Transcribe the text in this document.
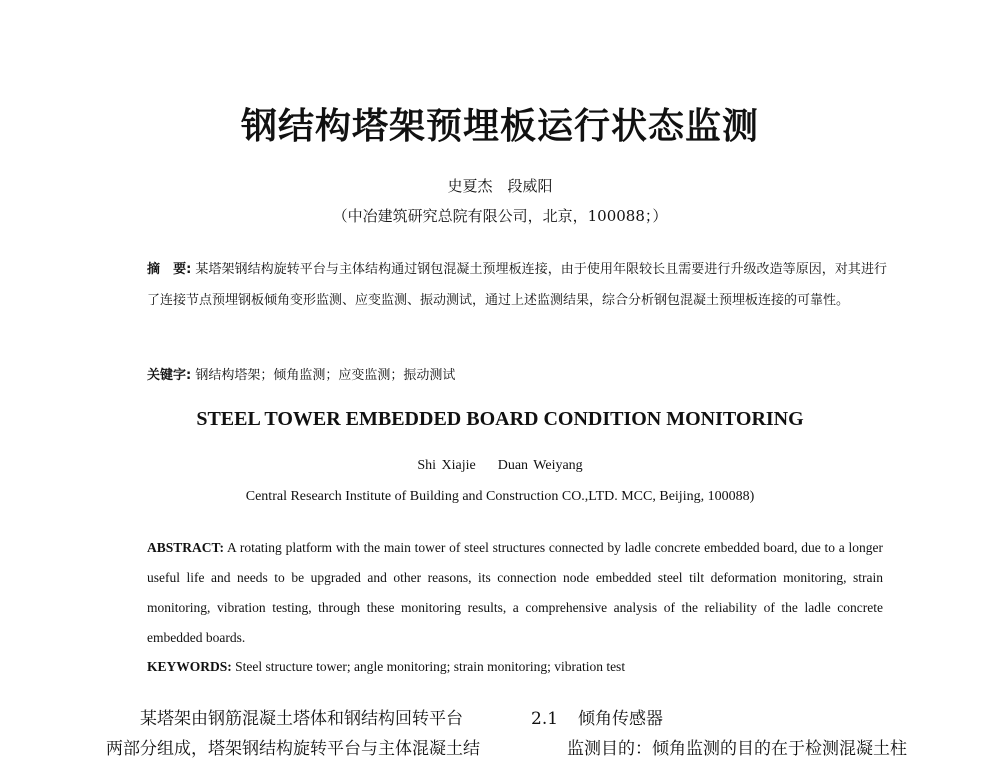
钢结构塔架预埋板运行状态监测

史夏杰　段威阳

（中冶建筑研究总院有限公司，北京，100088；）

摘　要: 某塔架钢结构旋转平台与主体结构通过钢包混凝土预埋板连接，由于使用年限较长且需要进行升级改造等原因，对其进行了连接节点预埋钢板倾角变形监测、应变监测、振动测试，通过上述监测结果，综合分析钢包混凝土预埋板连接的可靠性。

关键字: 钢结构塔架；倾角监测；应变监测；振动测试

STEEL TOWER EMBEDDED BOARD CONDITION MONITORING

Shi Xiajie Duan Weiyang

Central Research Institute of Building and Construction CO.,LTD. MCC, Beijing, 100088)

ABSTRACT: A rotating platform with the main tower of steel structures connected by ladle concrete embedded board, due to a longer useful life and needs to be upgraded and other reasons, its connection node embedded steel tilt deformation monitoring, strain monitoring, vibration testing, through these monitoring results, a comprehensive analysis of the reliability of the ladle concrete embedded boards.

KEYWORDS: Steel structure tower; angle monitoring; strain monitoring; vibration test

某塔架由钢筋混凝土塔体和钢结构回转平台
两部分组成，塔架钢结构旋转平台与主体混凝土结
2.1 倾角传感器
监测目的：倾角监测的目的在于检测混凝土柱
